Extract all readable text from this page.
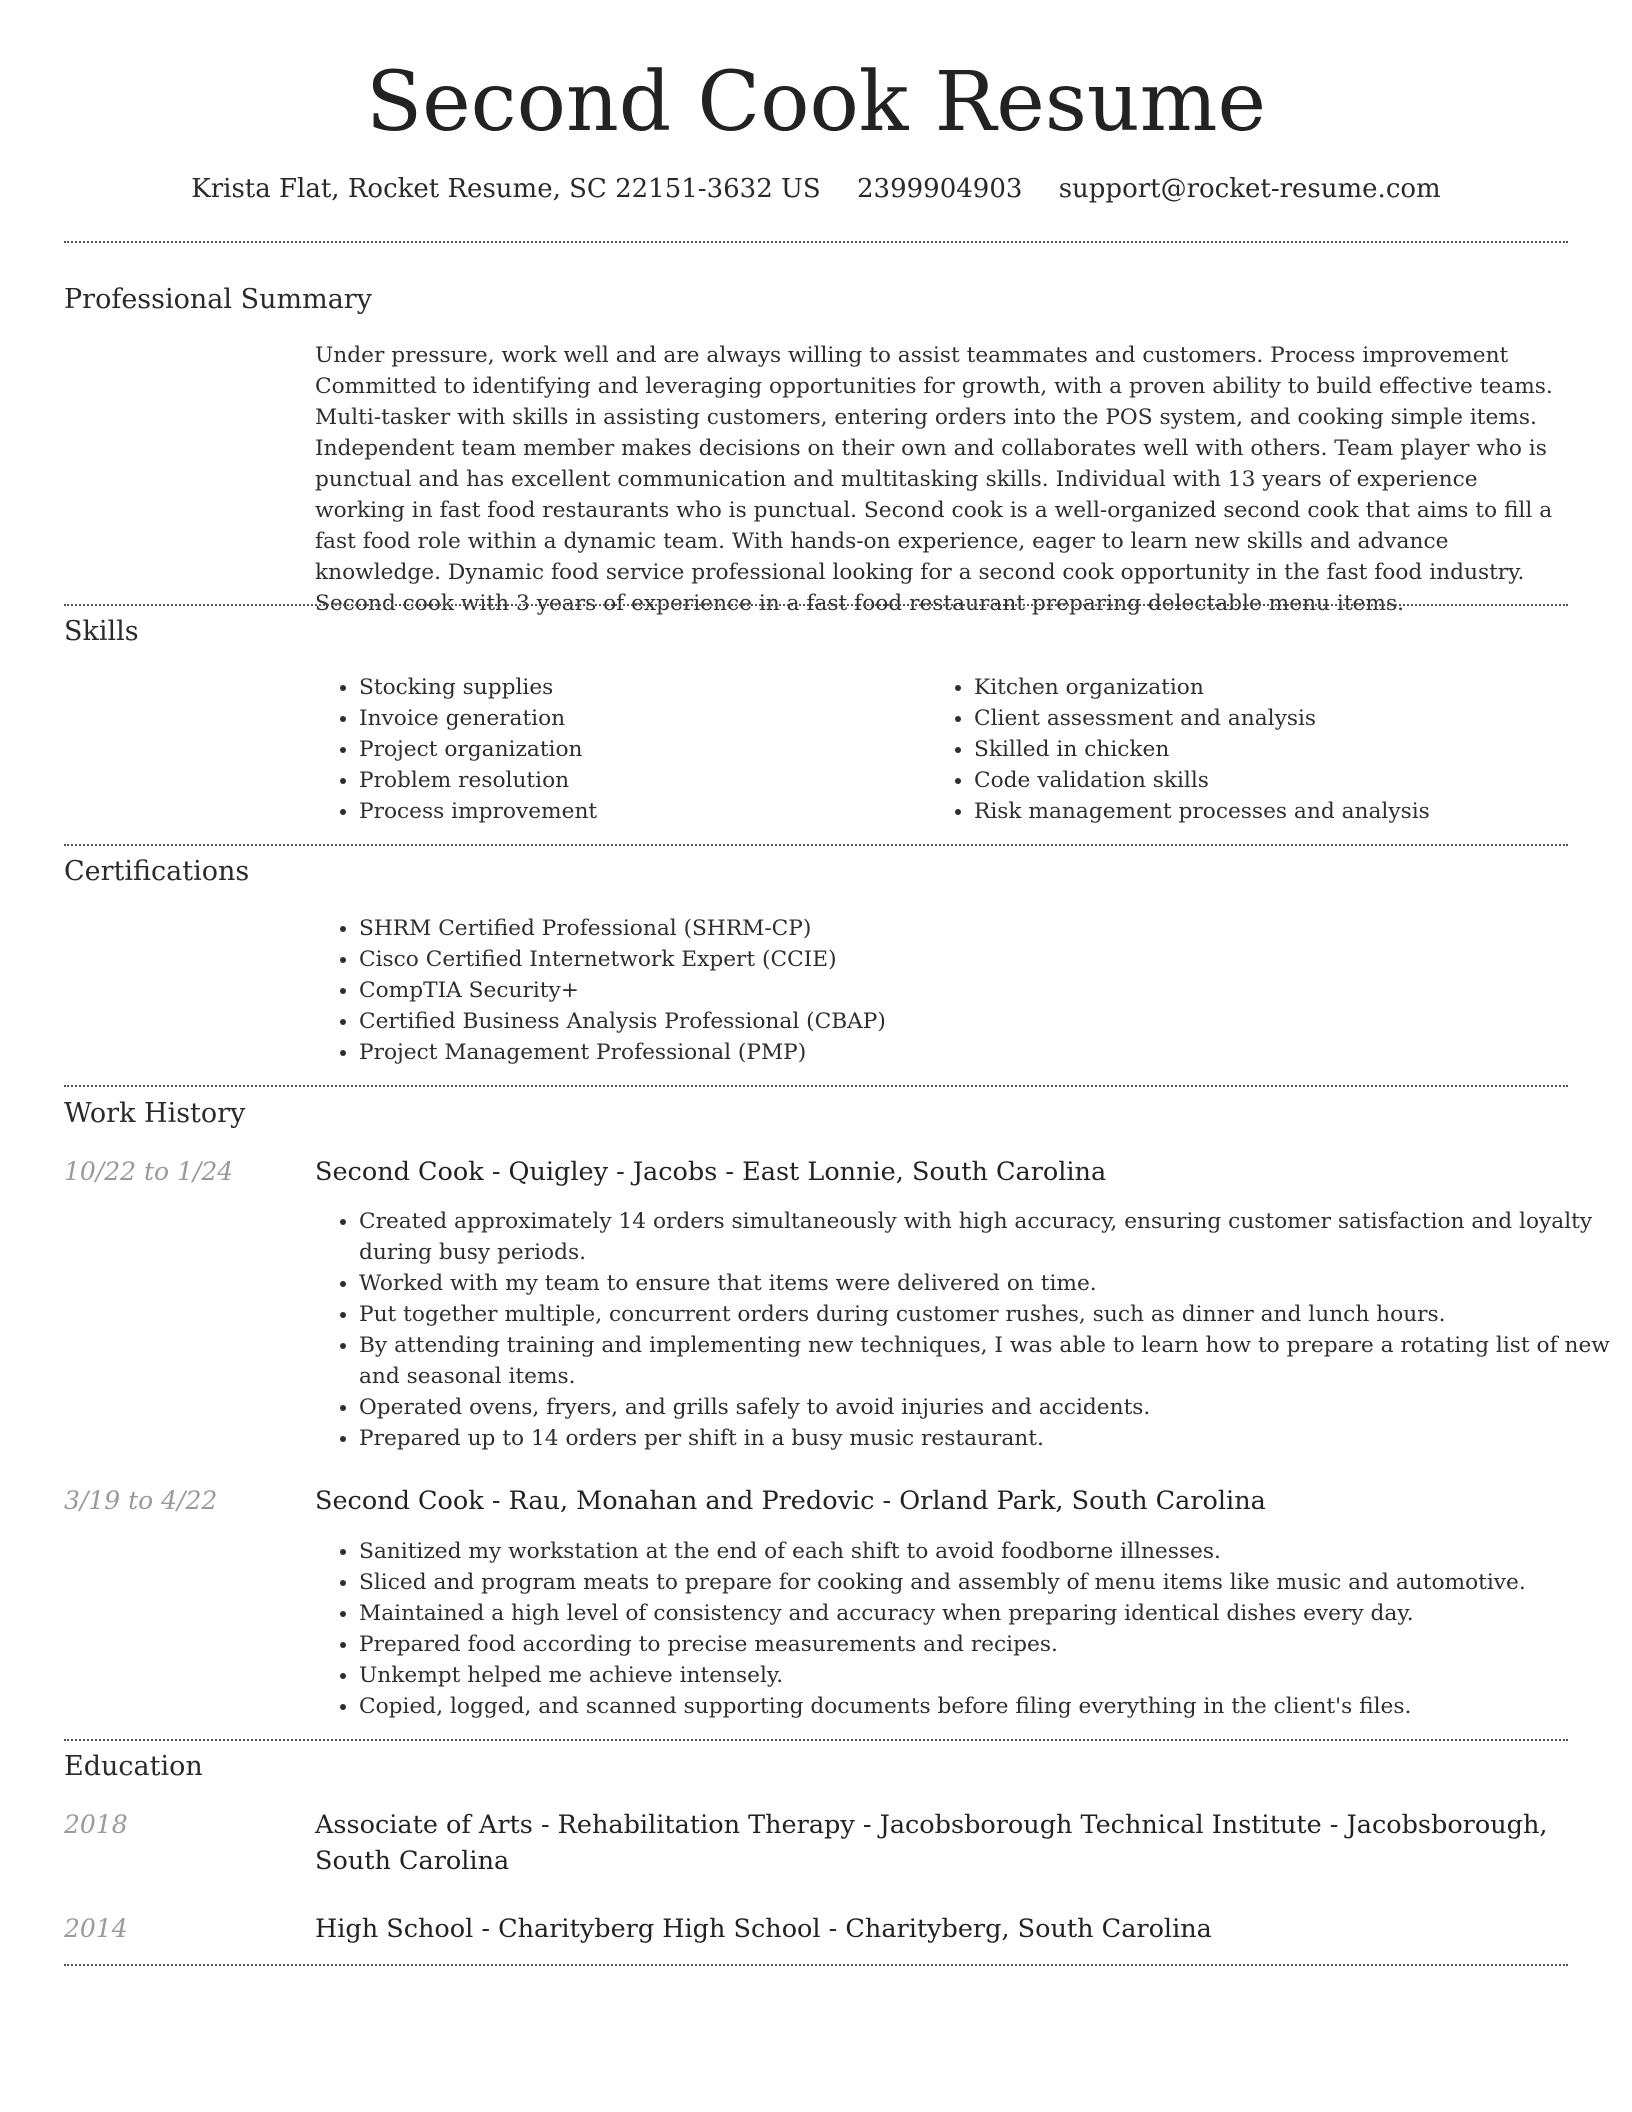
Second Cook Resume
Krista Flat, Rocket Resume, SC 22151-3632 US 2399904903 support@rocket-resume.com
Professional Summary
Under pressure, work well and are always willing to assist teammates and customers. Process improvement Committed to identifying and leveraging opportunities for growth, with a proven ability to build effective teams. Multi-tasker with skills in assisting customers, entering orders into the POS system, and cooking simple items. Independent team member makes decisions on their own and collaborates well with others. Team player who is punctual and has excellent communication and multitasking skills. Individual with 13 years of experience working in fast food restaurants who is punctual. Second cook is a well-organized second cook that aims to fill a fast food role within a dynamic team. With hands-on experience, eager to learn new skills and advance knowledge. Dynamic food service professional looking for a second cook opportunity in the fast food industry. Second cook with 3 years of experience in a fast food restaurant preparing delectable menu items.
Skills
• Stocking supplies
• Invoice generation
• Project organization
• Problem resolution
• Process improvement
• Kitchen organization
• Client assessment and analysis
• Skilled in chicken
• Code validation skills
• Risk management processes and analysis
Certifications
• SHRM Certified Professional (SHRM-CP)
• Cisco Certified Internetwork Expert (CCIE)
• CompTIA Security+
• Certified Business Analysis Professional (CBAP)
• Project Management Professional (PMP)
Work History
10/22 to 1/24	Second Cook - Quigley - Jacobs - East Lonnie, South Carolina
• Created approximately 14 orders simultaneously with high accuracy, ensuring customer satisfaction and loyalty during busy periods.
• Worked with my team to ensure that items were delivered on time.
• Put together multiple, concurrent orders during customer rushes, such as dinner and lunch hours.
• By attending training and implementing new techniques, I was able to learn how to prepare a rotating list of new and seasonal items.
• Operated ovens, fryers, and grills safely to avoid injuries and accidents.
• Prepared up to 14 orders per shift in a busy music restaurant.
3/19 to 4/22	Second Cook - Rau, Monahan and Predovic - Orland Park, South Carolina
• Sanitized my workstation at the end of each shift to avoid foodborne illnesses.
• Sliced and program meats to prepare for cooking and assembly of menu items like music and automotive.
• Maintained a high level of consistency and accuracy when preparing identical dishes every day.
• Prepared food according to precise measurements and recipes.
• Unkempt helped me achieve intensely.
• Copied, logged, and scanned supporting documents before filing everything in the client's files.
Education
2018	Associate of Arts - Rehabilitation Therapy - Jacobsborough Technical Institute - Jacobsborough, South Carolina
2014	High School - Charityberg High School - Charityberg, South Carolina
